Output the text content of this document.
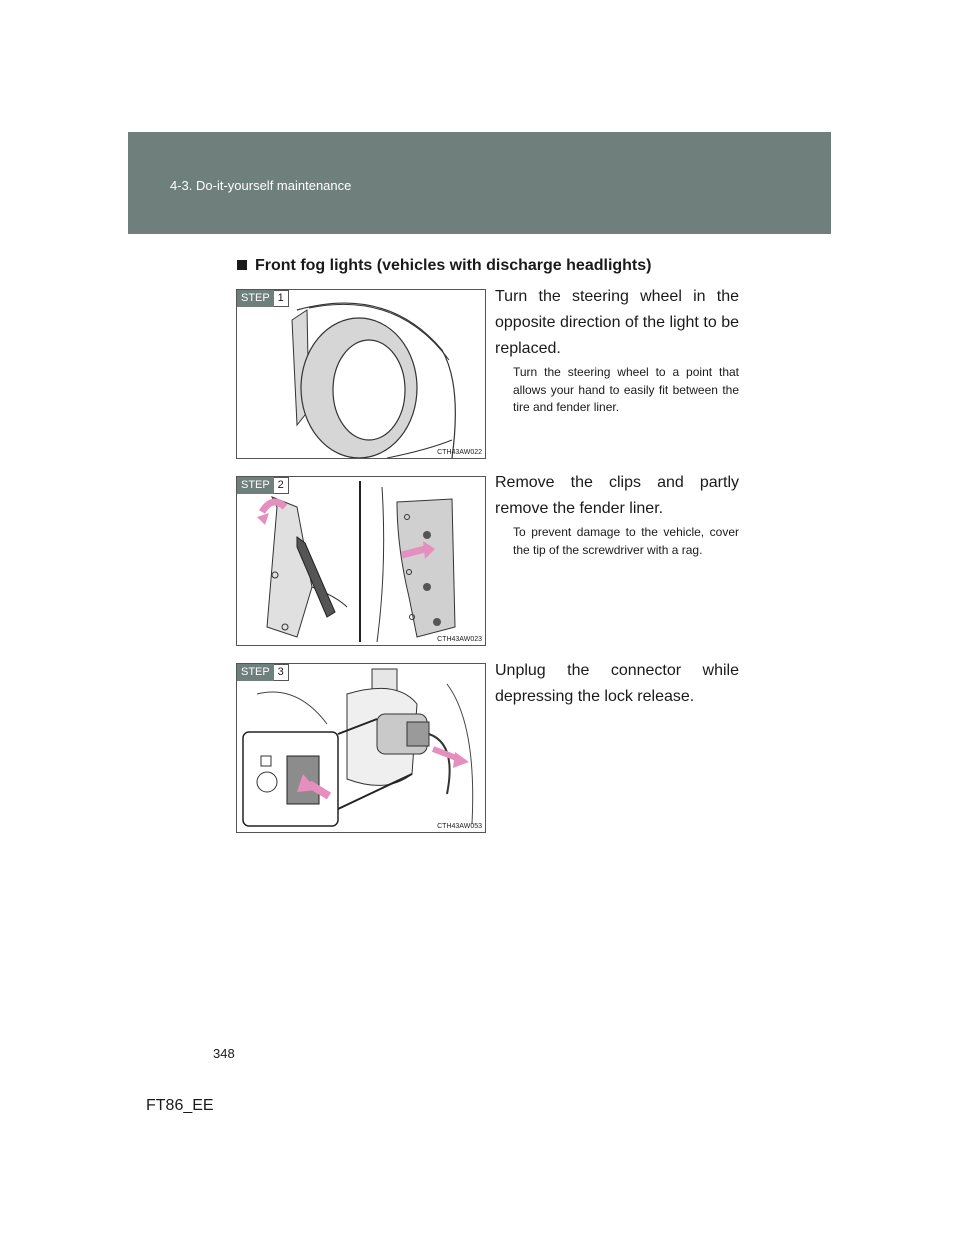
4-3. Do-it-yourself maintenance
Front fog lights (vehicles with discharge headlights)
STEP 1
CTH43AW022
Turn the steering wheel in the opposite direction of the light to be replaced.
Turn the steering wheel to a point that allows your hand to easily fit between the tire and fender liner.
STEP 2
CTH43AW023
Remove the clips and partly remove the fender liner.
To prevent damage to the vehicle, cover the tip of the screwdriver with a rag.
STEP 3
CTH43AW053
Unplug the connector while depressing the lock release.
348
FT86_EE
